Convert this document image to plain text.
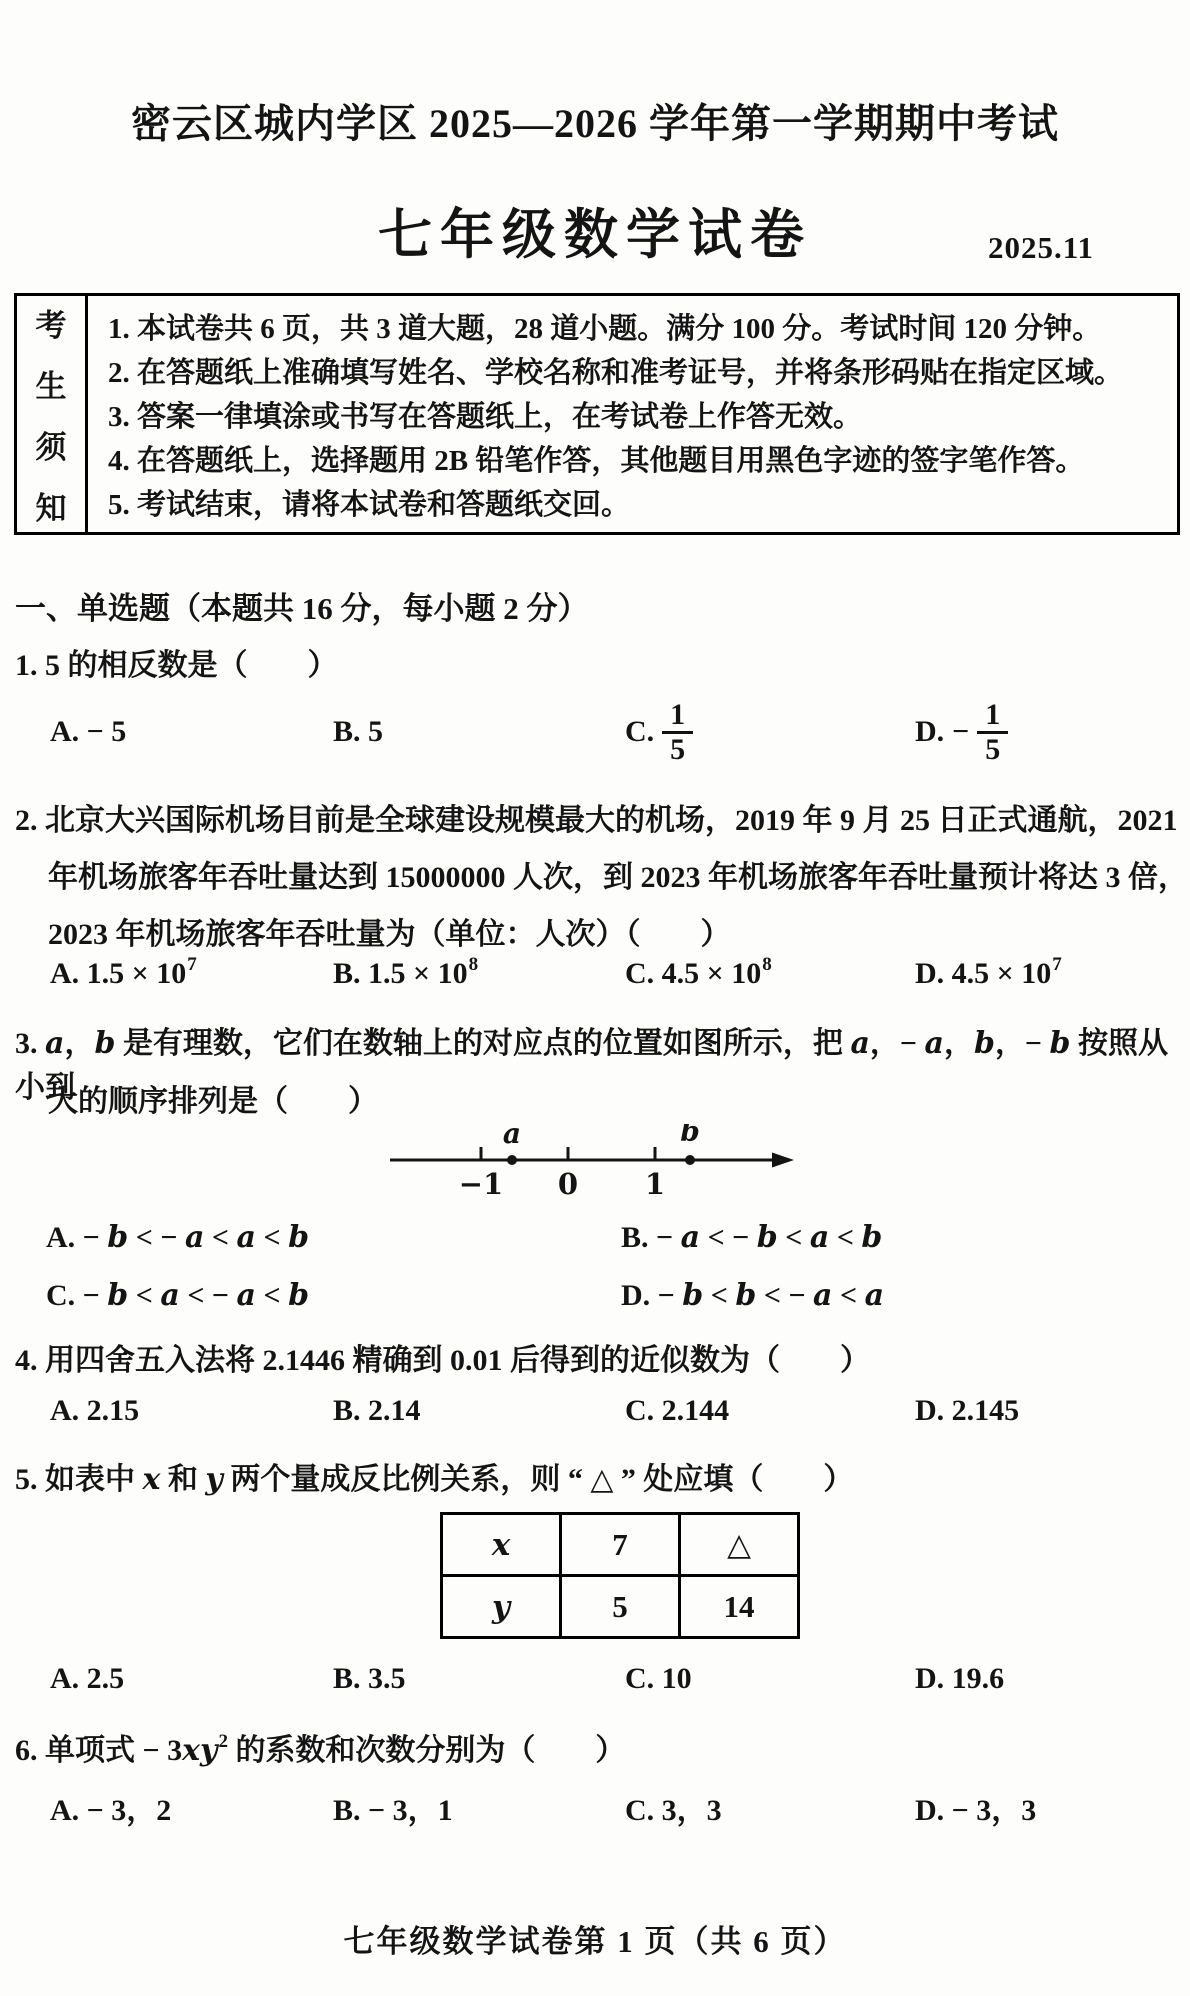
密云区城内学区 2025—2026 学年第一学期期中考试
七年级数学试卷	2025.11
考
生
须
知
1. 本试卷共 6 页，共 3 道大题，28 道小题。满分 100 分。考试时间 120 分钟。
2. 在答题纸上准确填写姓名、学校名称和准考证号，并将条形码贴在指定区域。
3. 答案一律填涂或书写在答题纸上，在考试卷上作答无效。
4. 在答题纸上，选择题用 2B 铅笔作答，其他题目用黑色字迹的签字笔作答。
5. 考试结束，请将本试卷和答题纸交回。
一、单选题（本题共 16 分，每小题 2 分）
1. 5 的相反数是（　　）
A. − 5	B. 5	C. $\frac{1}{5}$	D. − $\frac{1}{5}$
2. 北京大兴国际机场目前是全球建设规模最大的机场，2019 年 9 月 25 日正式通航，2021
年机场旅客年吞吐量达到 15000000 人次，到 2023 年机场旅客年吞吐量预计将达 3 倍，
2023 年机场旅客年吞吐量为（单位：人次）（　　）
A. $1.5 \times 10^7$	B. $1.5 \times 10^8$	C. $4.5 \times 10^8$	D. $4.5 \times 10^7$
3. a，b 是有理数，它们在数轴上的对应点的位置如图所示，把 a，− a，b，− b 按照从小到
大的顺序排列是（　　）
a	b
−1 0 1
A. − b < − a < a < b	B. − a < − b < a < b
C. − b < a < − a < b	D. − b < b < − a < a
4. 用四舍五入法将 2.1446 精确到 0.01 后得到的近似数为（　　）
A. 2.15	B. 2.14	C. 2.144	D. 2.145
5. 如表中 x 和 y 两个量成反比例关系，则 “ △ ” 处应填（　　）
x	7	△
y	5	14
A. 2.5	B. 3.5	C. 10	D. 19.6
6. 单项式 − $3xy^2$ 的系数和次数分别为（　　）
A. − 3，2	B. − 3，1	C. 3，3	D. − 3，3
七年级数学试卷第 1 页（共 6 页）
